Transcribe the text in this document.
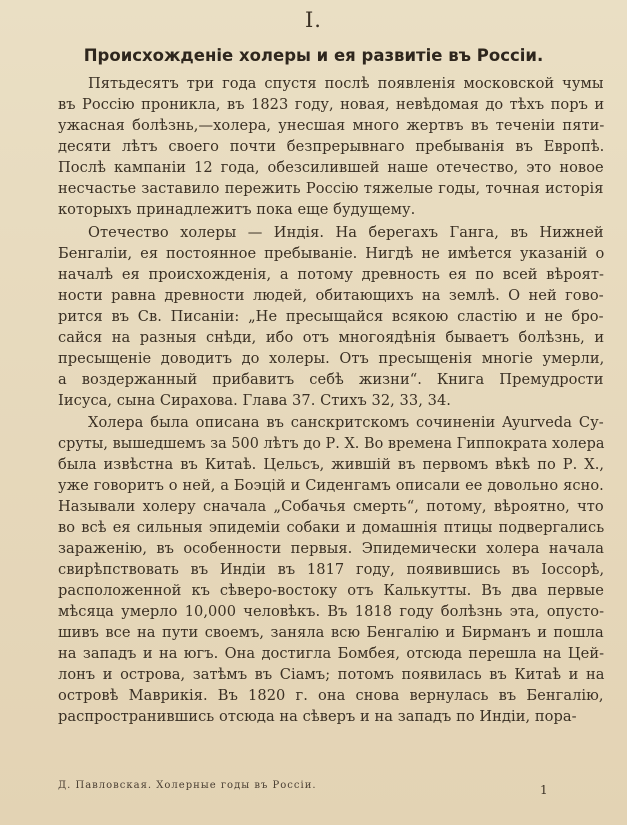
I.
Происхожденіе холеры и ея развитіе въ Россіи.
Пятьдесятъ три года спустя послѣ появленія московской чумы
въ Россію проникла, въ 1823 году, новая, невѣдомая до тѣхъ поръ и
ужасная болѣзнь,—холера, унесшая много жертвъ въ теченіи пяти-
десяти лѣтъ своего почти безпрерывнаго пребыванія въ Европѣ.
Послѣ кампаніи 12 года, обезсилившей наше отечество, это новое
несчастье заставило пережить Россію тяжелые годы, точная исторія
которыхъ принадлежитъ пока еще будущему.
Отечество холеры — Индія. На берегахъ Ганга, въ Нижней
Бенгаліи, ея постоянное пребываніе. Нигдѣ не имѣется указаній о
началѣ ея происхожденія, а потому древность ея по всей вѣроят-
ности равна древности людей, обитающихъ на землѣ. О ней гово-
рится въ Св. Писаніи: „Не пресыщайся всякою сластію и не бро-
сайся на разныя снѣди, ибо отъ многоядѣнія бываетъ болѣзнь, и
пресыщеніе доводитъ до холеры. Отъ пресыщенія многіе умерли,
а воздержанный прибавитъ себѣ жизни“. Книга Премудрости
Іисуса, сына Сирахова. Глава 37. Стихъ 32, 33, 34.
Холера была описана въ санскритскомъ сочиненіи Ayurveda Су-
сруты, вышедшемъ за 500 лѣтъ до Р. Х. Во времена Гиппократа холера
была извѣстна въ Китаѣ. Цельсъ, жившій въ первомъ вѣкѣ по Р. Х.,
уже говоритъ о ней, а Боэцій и Сиденгамъ описали ее довольно ясно.
Называли холеру сначала „Собачья смерть“, потому, вѣроятно, что
во всѣ ея сильныя эпидеміи собаки и домашнія птицы подвергались
зараженію, въ особенности первыя. Эпидемически холера начала
свирѣпствовать въ Индіи въ 1817 году, появившись въ Іоссорѣ,
расположенной къ сѣверо-востоку отъ Калькутты. Въ два первые
мѣсяца умерло 10,000 человѣкъ. Въ 1818 году болѣзнь эта, опусто-
шивъ все на пути своемъ, заняла всю Бенгалію и Бирманъ и пошла
на западъ и на югъ. Она достигла Бомбея, отсюда перешла на Цей-
лонъ и острова, затѣмъ въ Сіамъ; потомъ появилась въ Китаѣ и на
островѣ Маврикія. Въ 1820 г. она снова вернулась въ Бенгалію,
распространившись отсюда на сѣверъ и на западъ по Индіи, пора-
Д. Павловская. Холерные годы въ Россіи.	1
